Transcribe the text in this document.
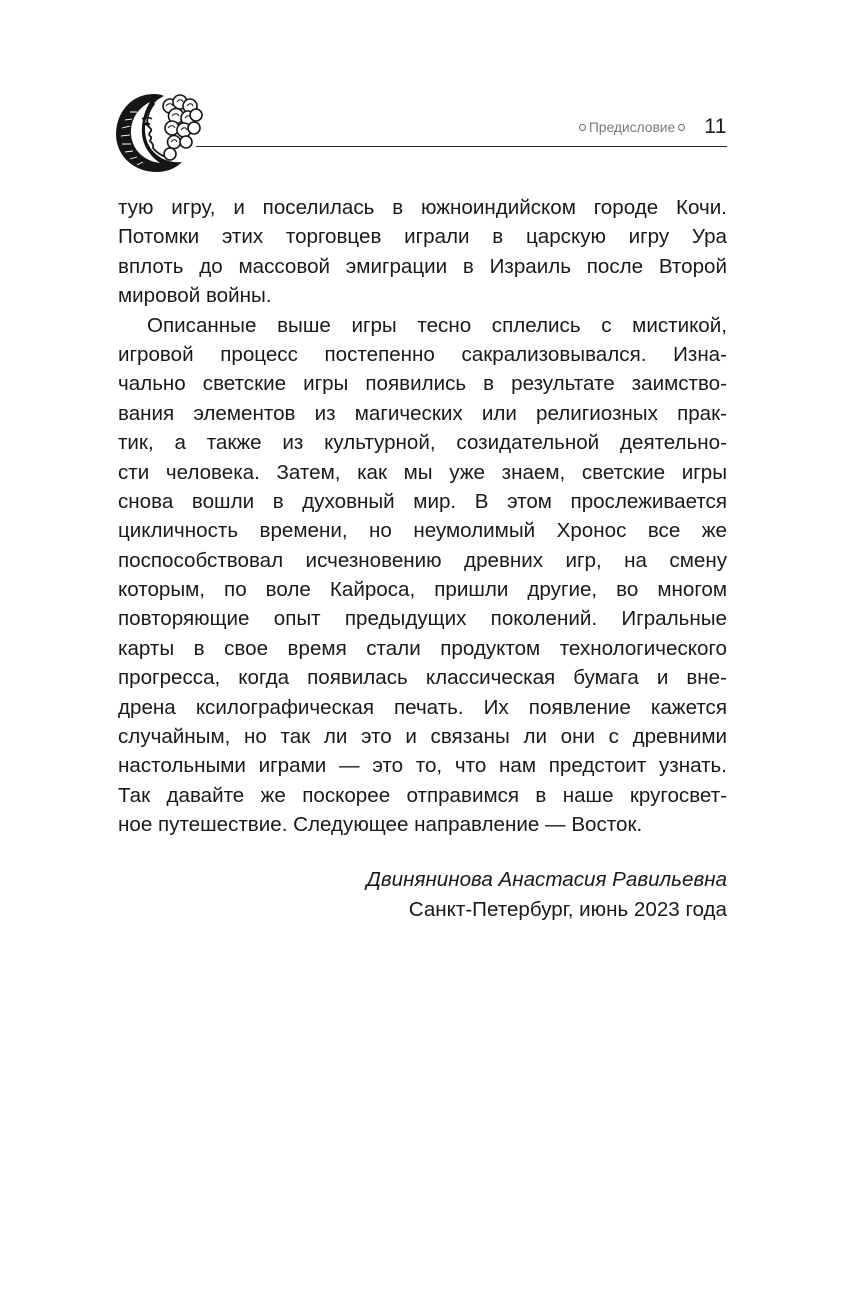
Предисловие 11
тую игру, и поселилась в южноиндийском городе Кочи.
Потомки этих торговцев играли в царскую игру Ура
вплоть до массовой эмиграции в Израиль после Второй
мировой войны.
Описанные выше игры тесно сплелись с мистикой,
игровой процесс постепенно сакрализовывался. Изна-
чально светские игры появились в результате заимство-
вания элементов из магических или религиозных прак-
тик, а также из культурной, созидательной деятельно-
сти человека. Затем, как мы уже знаем, светские игры
снова вошли в духовный мир. В этом прослеживается
цикличность времени, но неумолимый Хронос все же
поспособствовал исчезновению древних игр, на смену
которым, по воле Кайроса, пришли другие, во многом
повторяющие опыт предыдущих поколений. Игральные
карты в свое время стали продуктом технологического
прогресса, когда появилась классическая бумага и вне-
дрена ксилографическая печать. Их появление кажется
случайным, но так ли это и связаны ли они с древними
настольными играми — это то, что нам предстоит узнать.
Так давайте же поскорее отправимся в наше кругосвет-
ное путешествие. Следующее направление — Восток.
Двинянинова Анастасия Равильевна
Санкт-Петербург, июнь 2023 года
